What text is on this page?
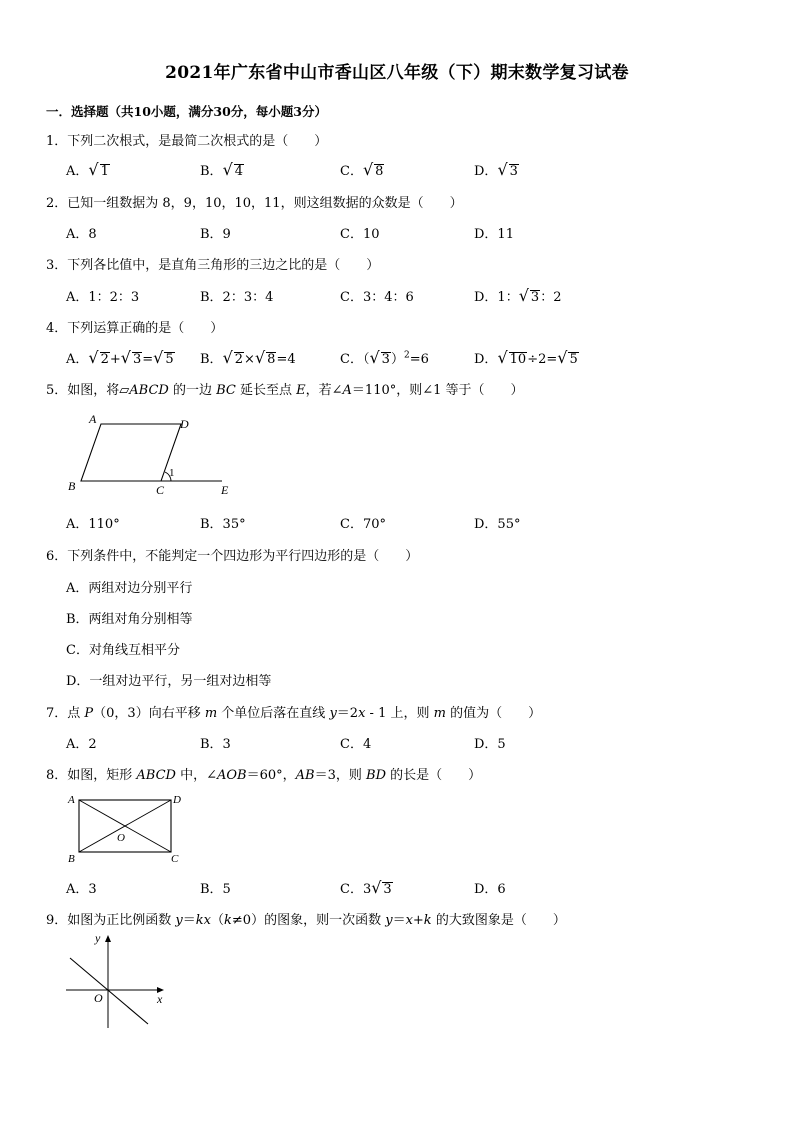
2021年广东省中山市香山区八年级（下）期末数学复习试卷
一．选择题（共10小题，满分30分，每小题3分）
1．下列二次根式，是最简二次根式的是（　　）
A．√ 1	B．√ 4	C．√ 8	D．√ 3
2．已知一组数据为 8，9，10，10，11，则这组数据的众数是（　　）
A．8	B．9	C．10	D．11
3．下列各比值中，是直角三角形的三边之比的是（　　）
A．1：2：3	B．2：3：4	C．3：4：6	D．1：√ 3：2
4．下列运算正确的是（　　）
A．√ 2+√ 3=√ 5 B．√ 2×√ 8=4	C．（√ 3）$^2$=6	D．√ 10÷2=√ 5
5．如图，将▱ABCD 的一边 BC 延长至点 E，若∠A＝110°，则∠1 等于（　　）
A	D
B	C	E
1
A．110°	B．35°	C．70°	D．55°
6．下列条件中，不能判定一个四边形为平行四边形的是（　　）
A．两组对边分别平行
B．两组对角分别相等
C．对角线互相平分
D．一组对边平行，另一组对边相等
7．点 P（0，3）向右平移 m 个单位后落在直线 y＝2x - 1 上，则 m 的值为（　　）
A．2	B．3	C．4	D．5
8．如图，矩形 ABCD 中，∠AOB＝60°，AB＝3，则 BD 的长是（　　）
A	D
B	C
O
A．3	B．5	C．3√ 3	D．6
9．如图为正比例函数 y＝kx（k≠0）的图象，则一次函数 y＝x+k 的大致图象是（　　）
y
x
O
